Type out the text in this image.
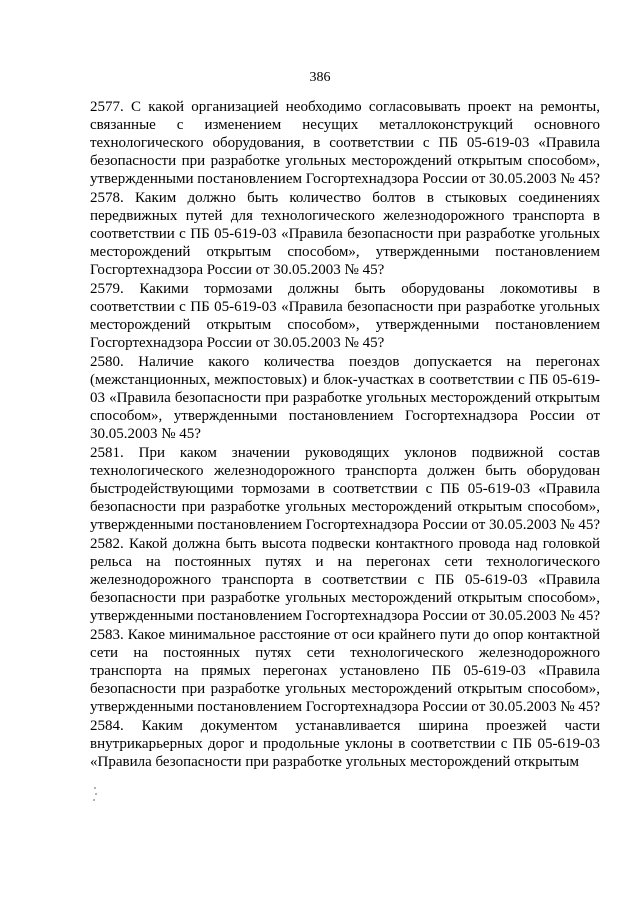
386

2577. С какой организацией необходимо согласовывать проект на ремонты, связанные с изменением несущих металлоконструкций основного технологического оборудования, в соответствии с ПБ 05-619-03 «Правила безопасности при разработке угольных месторождений открытым способом», утвержденными постановлением Госгортехнадзора России от 30.05.2003 № 45?

2578. Каким должно быть количество болтов в стыковых соединениях передвижных путей для технологического железнодорожного транспорта в соответствии с ПБ 05-619-03 «Правила безопасности при разработке угольных месторождений открытым способом», утвержденными постановлением Госгортехнадзора России от 30.05.2003 № 45?

2579. Какими тормозами должны быть оборудованы локомотивы в соответствии с ПБ 05-619-03 «Правила безопасности при разработке угольных месторождений открытым способом», утвержденными постановлением Госгортехнадзора России от 30.05.2003 № 45?

2580. Наличие какого количества поездов допускается на перегонах (межстанционных, межпостовых) и блок-участках в соответствии с ПБ 05-619-03 «Правила безопасности при разработке угольных месторождений открытым способом», утвержденными постановлением Госгортехнадзора России от 30.05.2003 № 45?

2581. При каком значении руководящих уклонов подвижной состав технологического железнодорожного транспорта должен быть оборудован быстродействующими тормозами в соответствии с ПБ 05-619-03 «Правила безопасности при разработке угольных месторождений открытым способом», утвержденными постановлением Госгортехнадзора России от 30.05.2003 № 45?

2582. Какой должна быть высота подвески контактного провода над головкой рельса на постоянных путях и на перегонах сети технологического железнодорожного транспорта в соответствии с ПБ 05-619-03 «Правила безопасности при разработке угольных месторождений открытым способом», утвержденными постановлением Госгортехнадзора России от 30.05.2003 № 45?

2583. Какое минимальное расстояние от оси крайнего пути до опор контактной сети на постоянных путях сети технологического железнодорожного транспорта на прямых перегонах установлено ПБ 05-619-03 «Правила безопасности при разработке угольных месторождений открытым способом», утвержденными постановлением Госгортехнадзора России от 30.05.2003 № 45?

2584. Каким документом устанавливается ширина проезжей части внутрикарьерных дорог и продольные уклоны в соответствии с ПБ 05-619-03 «Правила безопасности при разработке угольных месторождений открытым
